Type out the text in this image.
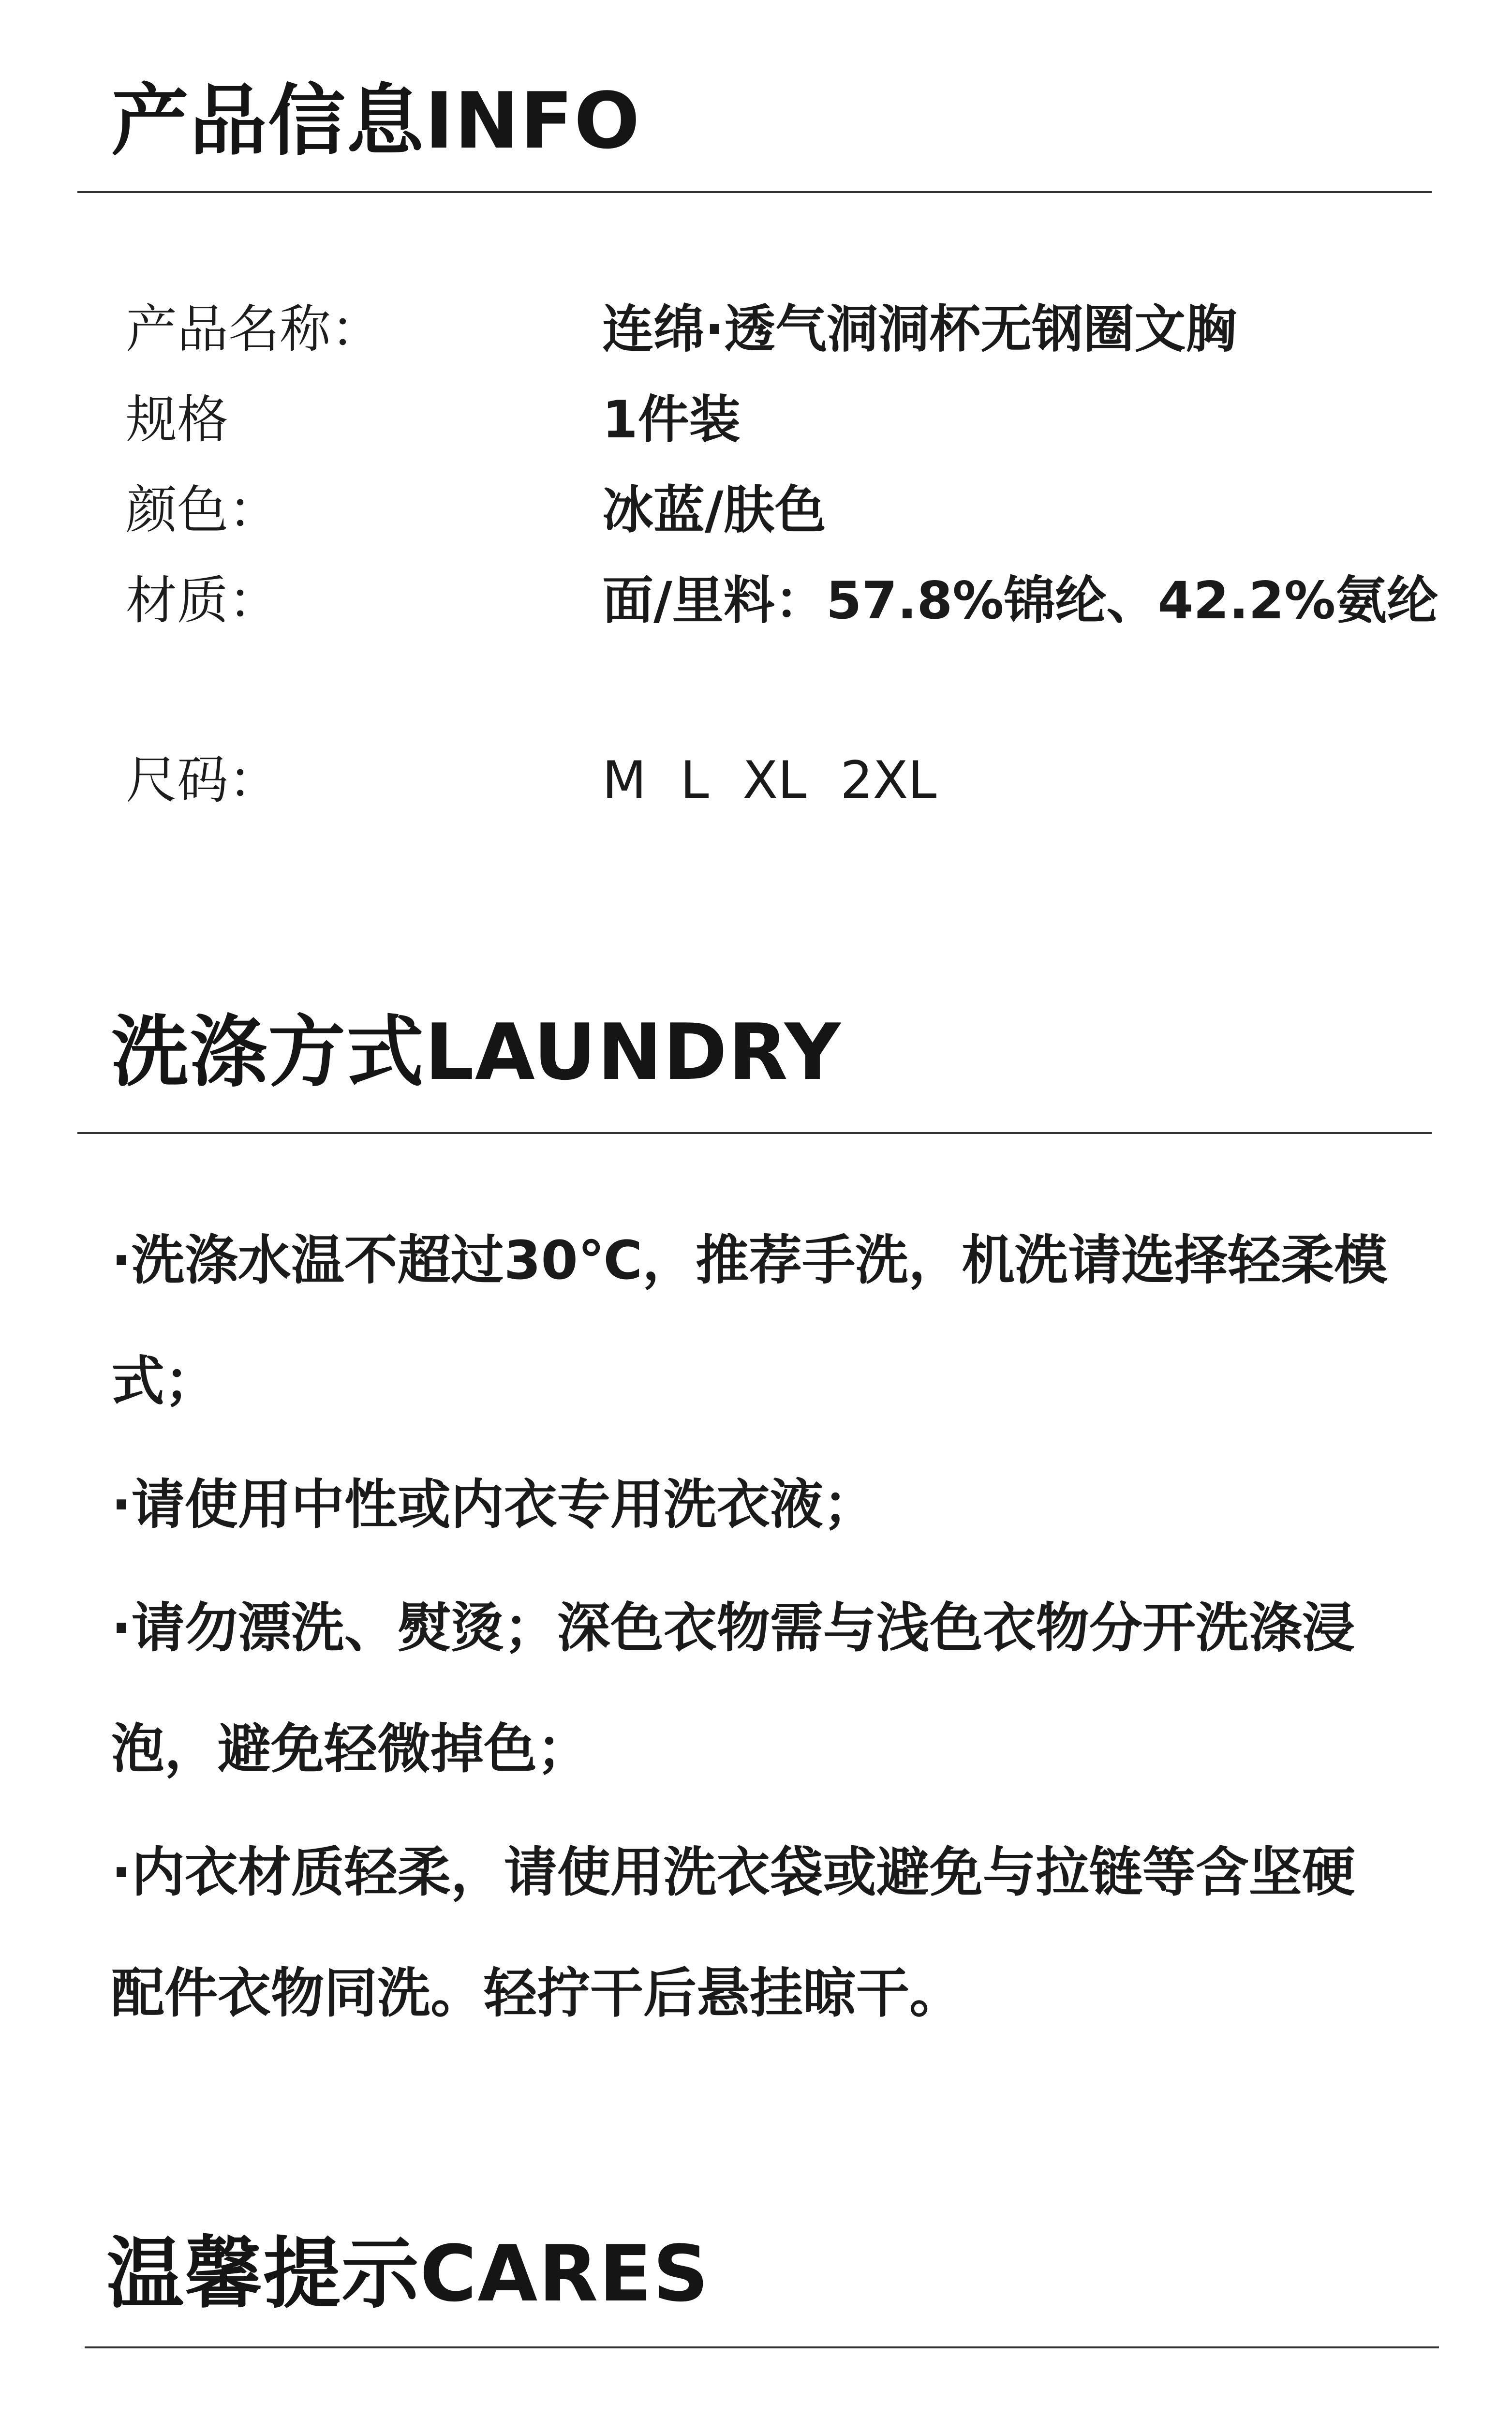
产品信息INFO

产品名称：	连绵·透气洞洞杯无钢圈文胸

规格	1件装

颜色：	冰蓝/肤色

材质：	面/里料：57.8%锦纶、42.2%氨纶

尺码：	M L XL 2XL

洗涤方式LAUNDRY

·洗涤水温不超过30℃，推荐手洗，机洗请选择轻柔模

式；

·请使用中性或内衣专用洗衣液；

·请勿漂洗、熨烫；深色衣物需与浅色衣物分开洗涤浸

泡，避免轻微掉色；

·内衣材质轻柔，请使用洗衣袋或避免与拉链等含坚硬

配件衣物同洗。轻拧干后悬挂晾干。

温馨提示CARES
